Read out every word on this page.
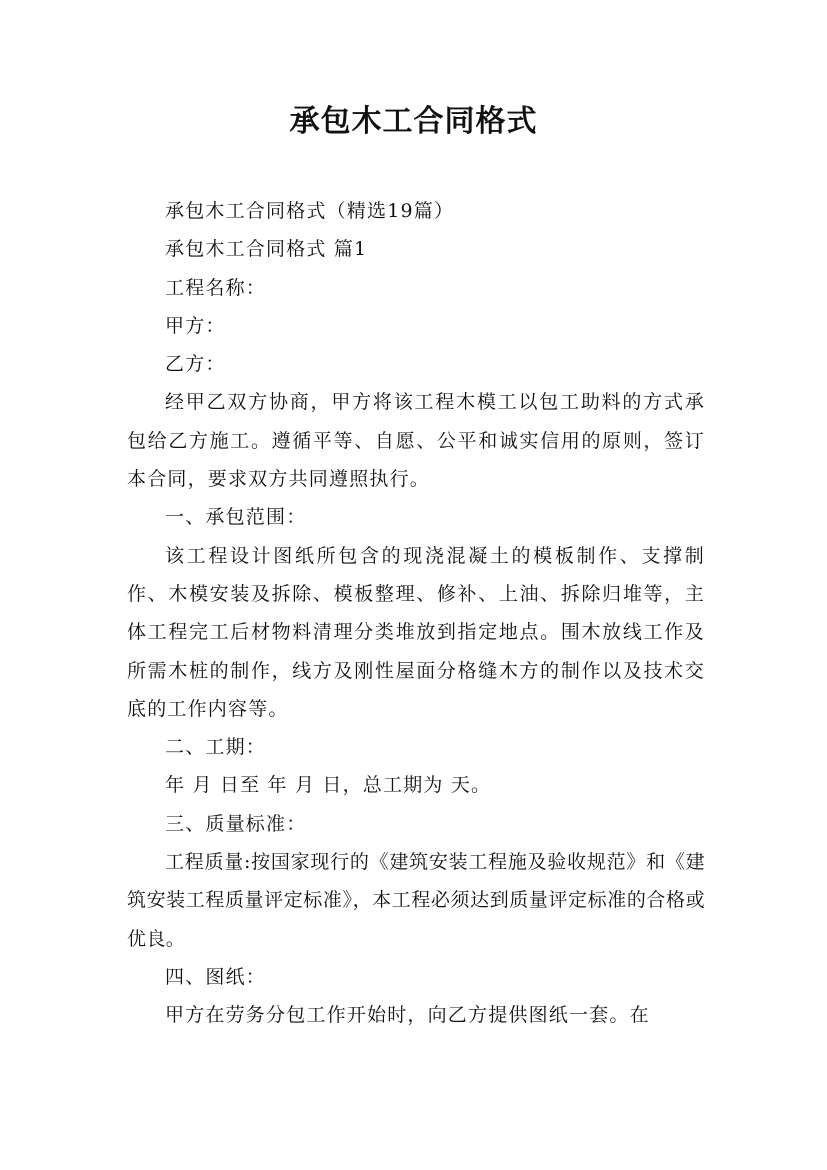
承包木工合同格式

承包木工合同格式（精选19篇）

承包木工合同格式 篇1

工程名称：

甲方：

乙方：

经甲乙双方协商，甲方将该工程木模工以包工助料的方式承包给乙方施工。遵循平等、自愿、公平和诚实信用的原则，签订本合同，要求双方共同遵照执行。

一、承包范围：

该工程设计图纸所包含的现浇混凝土的模板制作、支撑制作、木模安装及拆除、模板整理、修补、上油、拆除归堆等，主体工程完工后材物料清理分类堆放到指定地点。围木放线工作及所需木桩的制作，线方及刚性屋面分格缝木方的制作以及技术交底的工作内容等。

二、工期：

年 月 日至 年 月 日，总工期为 天。

三、质量标准：

工程质量:按国家现行的《建筑安装工程施及验收规范》和《建筑安装工程质量评定标准》，本工程必须达到质量评定标准的合格或优良。

四、图纸：

甲方在劳务分包工作开始时，向乙方提供图纸一套。在
